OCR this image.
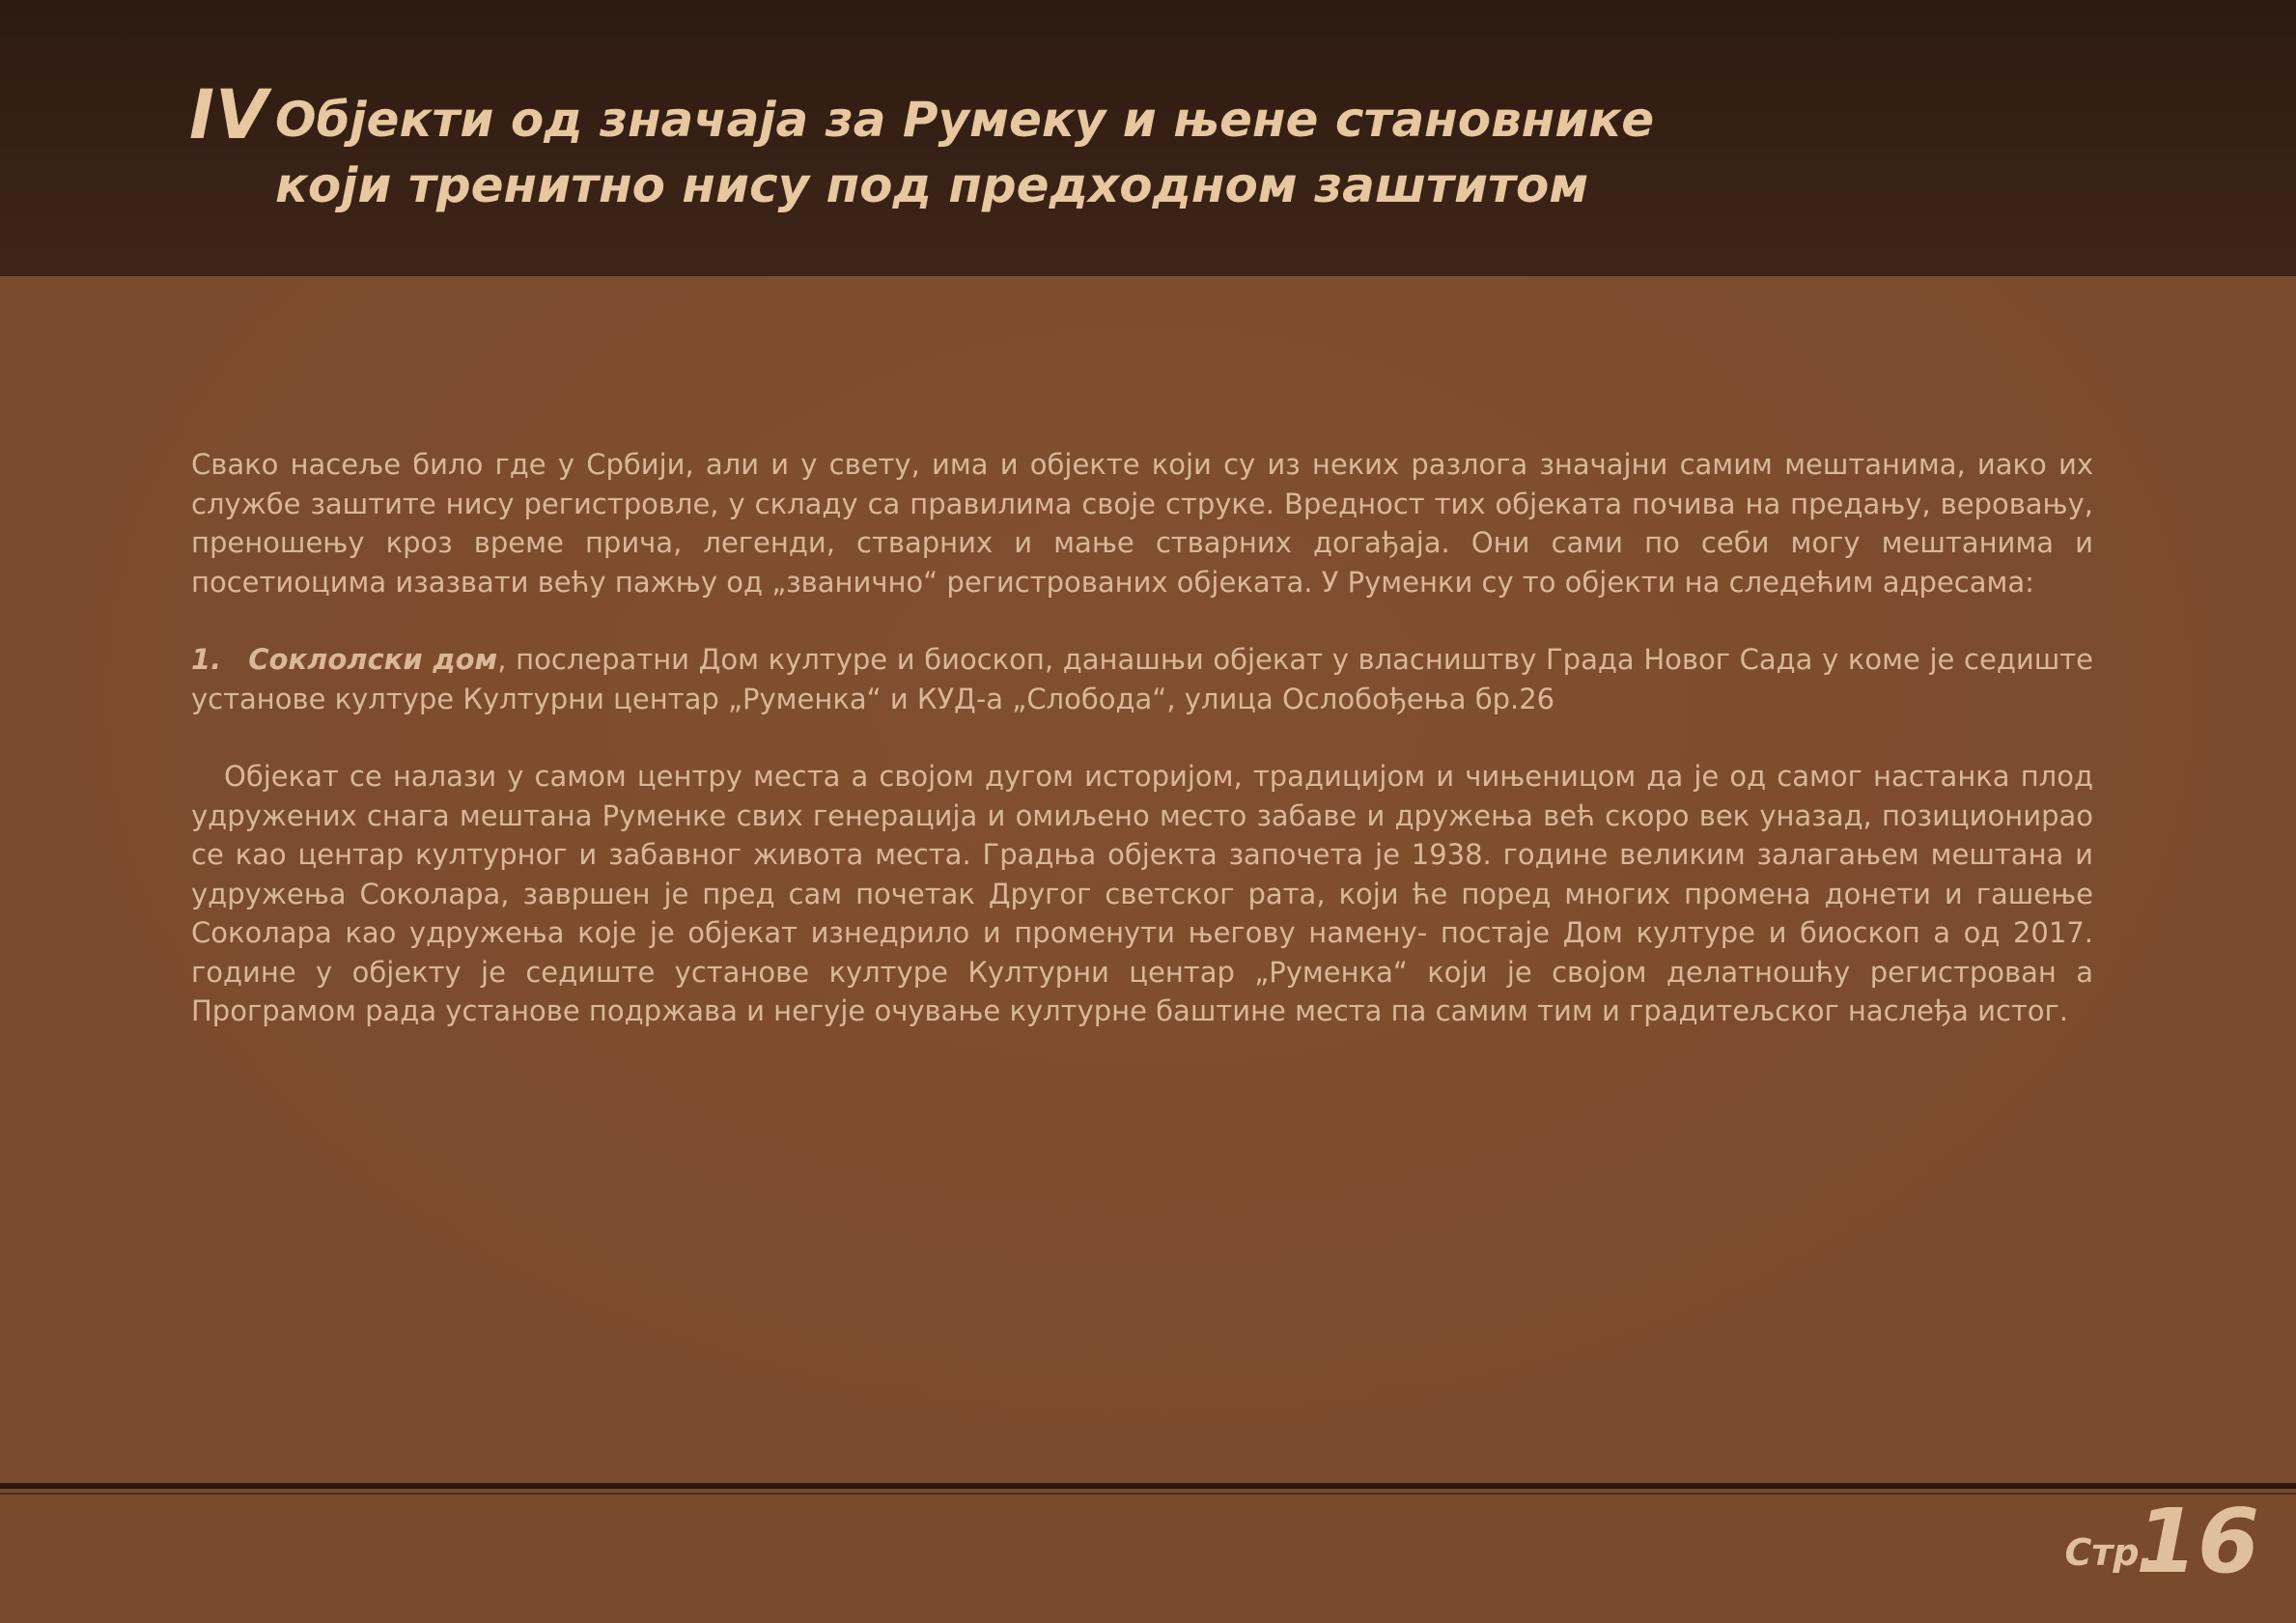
IV Објекти од значаја за Румеку и њене становнике
који тренитно нису под предходном заштитом

Свако насеље било где у Србији, али и у свету, има и објекте који су из неких разлога значајни самим мештанима, иако их службе заштите нису регистровле, у складу са правилима своје струке. Вредност тих објеката почива на предању, веровању, преношењу кроз време прича, легенди, стварних и мање стварних догађаја. Они сами по себи могу мештанима и посетиоцима изазвати већу пажњу од „званично“ регистрованих објеката. У Руменки су то објекти на следећим адресама:

1. Соклолски дом, послератни Дом културе и биоскоп, данашњи објекат у власништву Града Новог Сада у коме је седиште установе културе Културни центар „Руменка“ и КУД-а „Слобода“, улица Ослобођења бр.26

Објекат се налази у самом центру места а својом дугом историјом, традицијом и чињеницом да је од самог настанка плод удружених снага мештана Руменке свих генерација и омиљено место забаве и дружења већ скоро век уназад, позиционирао се као центар културног и забавног живота места. Градња објекта започета је 1938. године великим залагањем мештана и удружења Соколара, завршен је пред сам почетак Другог светског рата, који ће поред многих промена донети и гашење Соколара као удружења које је објекат изнедрило и променути његову намену- постаје Дом културе и биоскоп а од 2017. године у објекту је седиште установе културе Културни центар „Руменка“ који је својом делатношћу регистрован а Програмом рада установе подржава и негује очување културне баштине места па самим тим и градитељског наслеђа истог.

Стр.
16
